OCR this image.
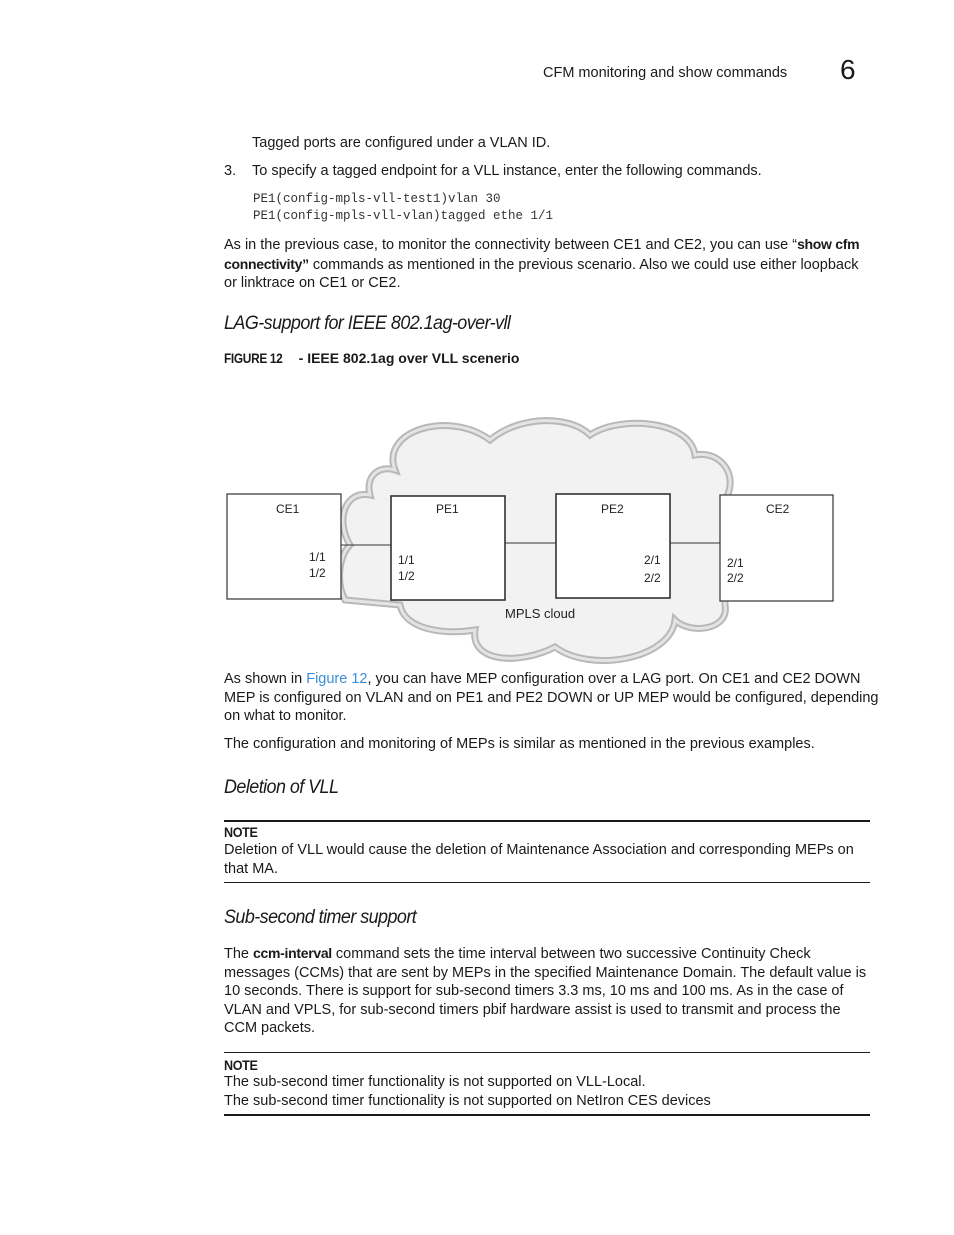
CFM monitoring and show commands 6
Tagged ports are configured under a VLAN ID.
3. To specify a tagged endpoint for a VLL instance, enter the following commands.
PE1(config-mpls-vll-test1)vlan 30
PE1(config-mpls-vll-vlan)tagged ethe 1/1
As in the previous case, to monitor the connectivity between CE1 and CE2, you can use “show cfm
connectivity” commands as mentioned in the previous scenario. Also we could use either loopback
or linktrace on CE1 or CE2.
LAG-support for IEEE 802.1ag-over-vll
FIGURE 12 - IEEE 802.1ag over VLL scenerio
CE1
1/1
1/2
PE1
1/1
1/2
PE2
2/1
2/2
CE2
2/1
2/2
MPLS cloud
As shown in Figure 12, you can have MEP configuration over a LAG port. On CE1 and CE2 DOWN
MEP is configured on VLAN and on PE1 and PE2 DOWN or UP MEP would be configured, depending
on what to monitor.
The configuration and monitoring of MEPs is similar as mentioned in the previous examples.
Deletion of VLL
NOTE
Deletion of VLL would cause the deletion of Maintenance Association and corresponding MEPs on
that MA.
Sub-second timer support
The ccm-interval command sets the time interval between two successive Continuity Check
messages (CCMs) that are sent by MEPs in the specified Maintenance Domain. The default value is
10 seconds. There is support for sub-second timers 3.3 ms, 10 ms and 100 ms. As in the case of
VLAN and VPLS, for sub-second timers pbif hardware assist is used to transmit and process the
CCM packets.
NOTE
The sub-second timer functionality is not supported on VLL-Local.
The sub-second timer functionality is not supported on NetIron CES devices
